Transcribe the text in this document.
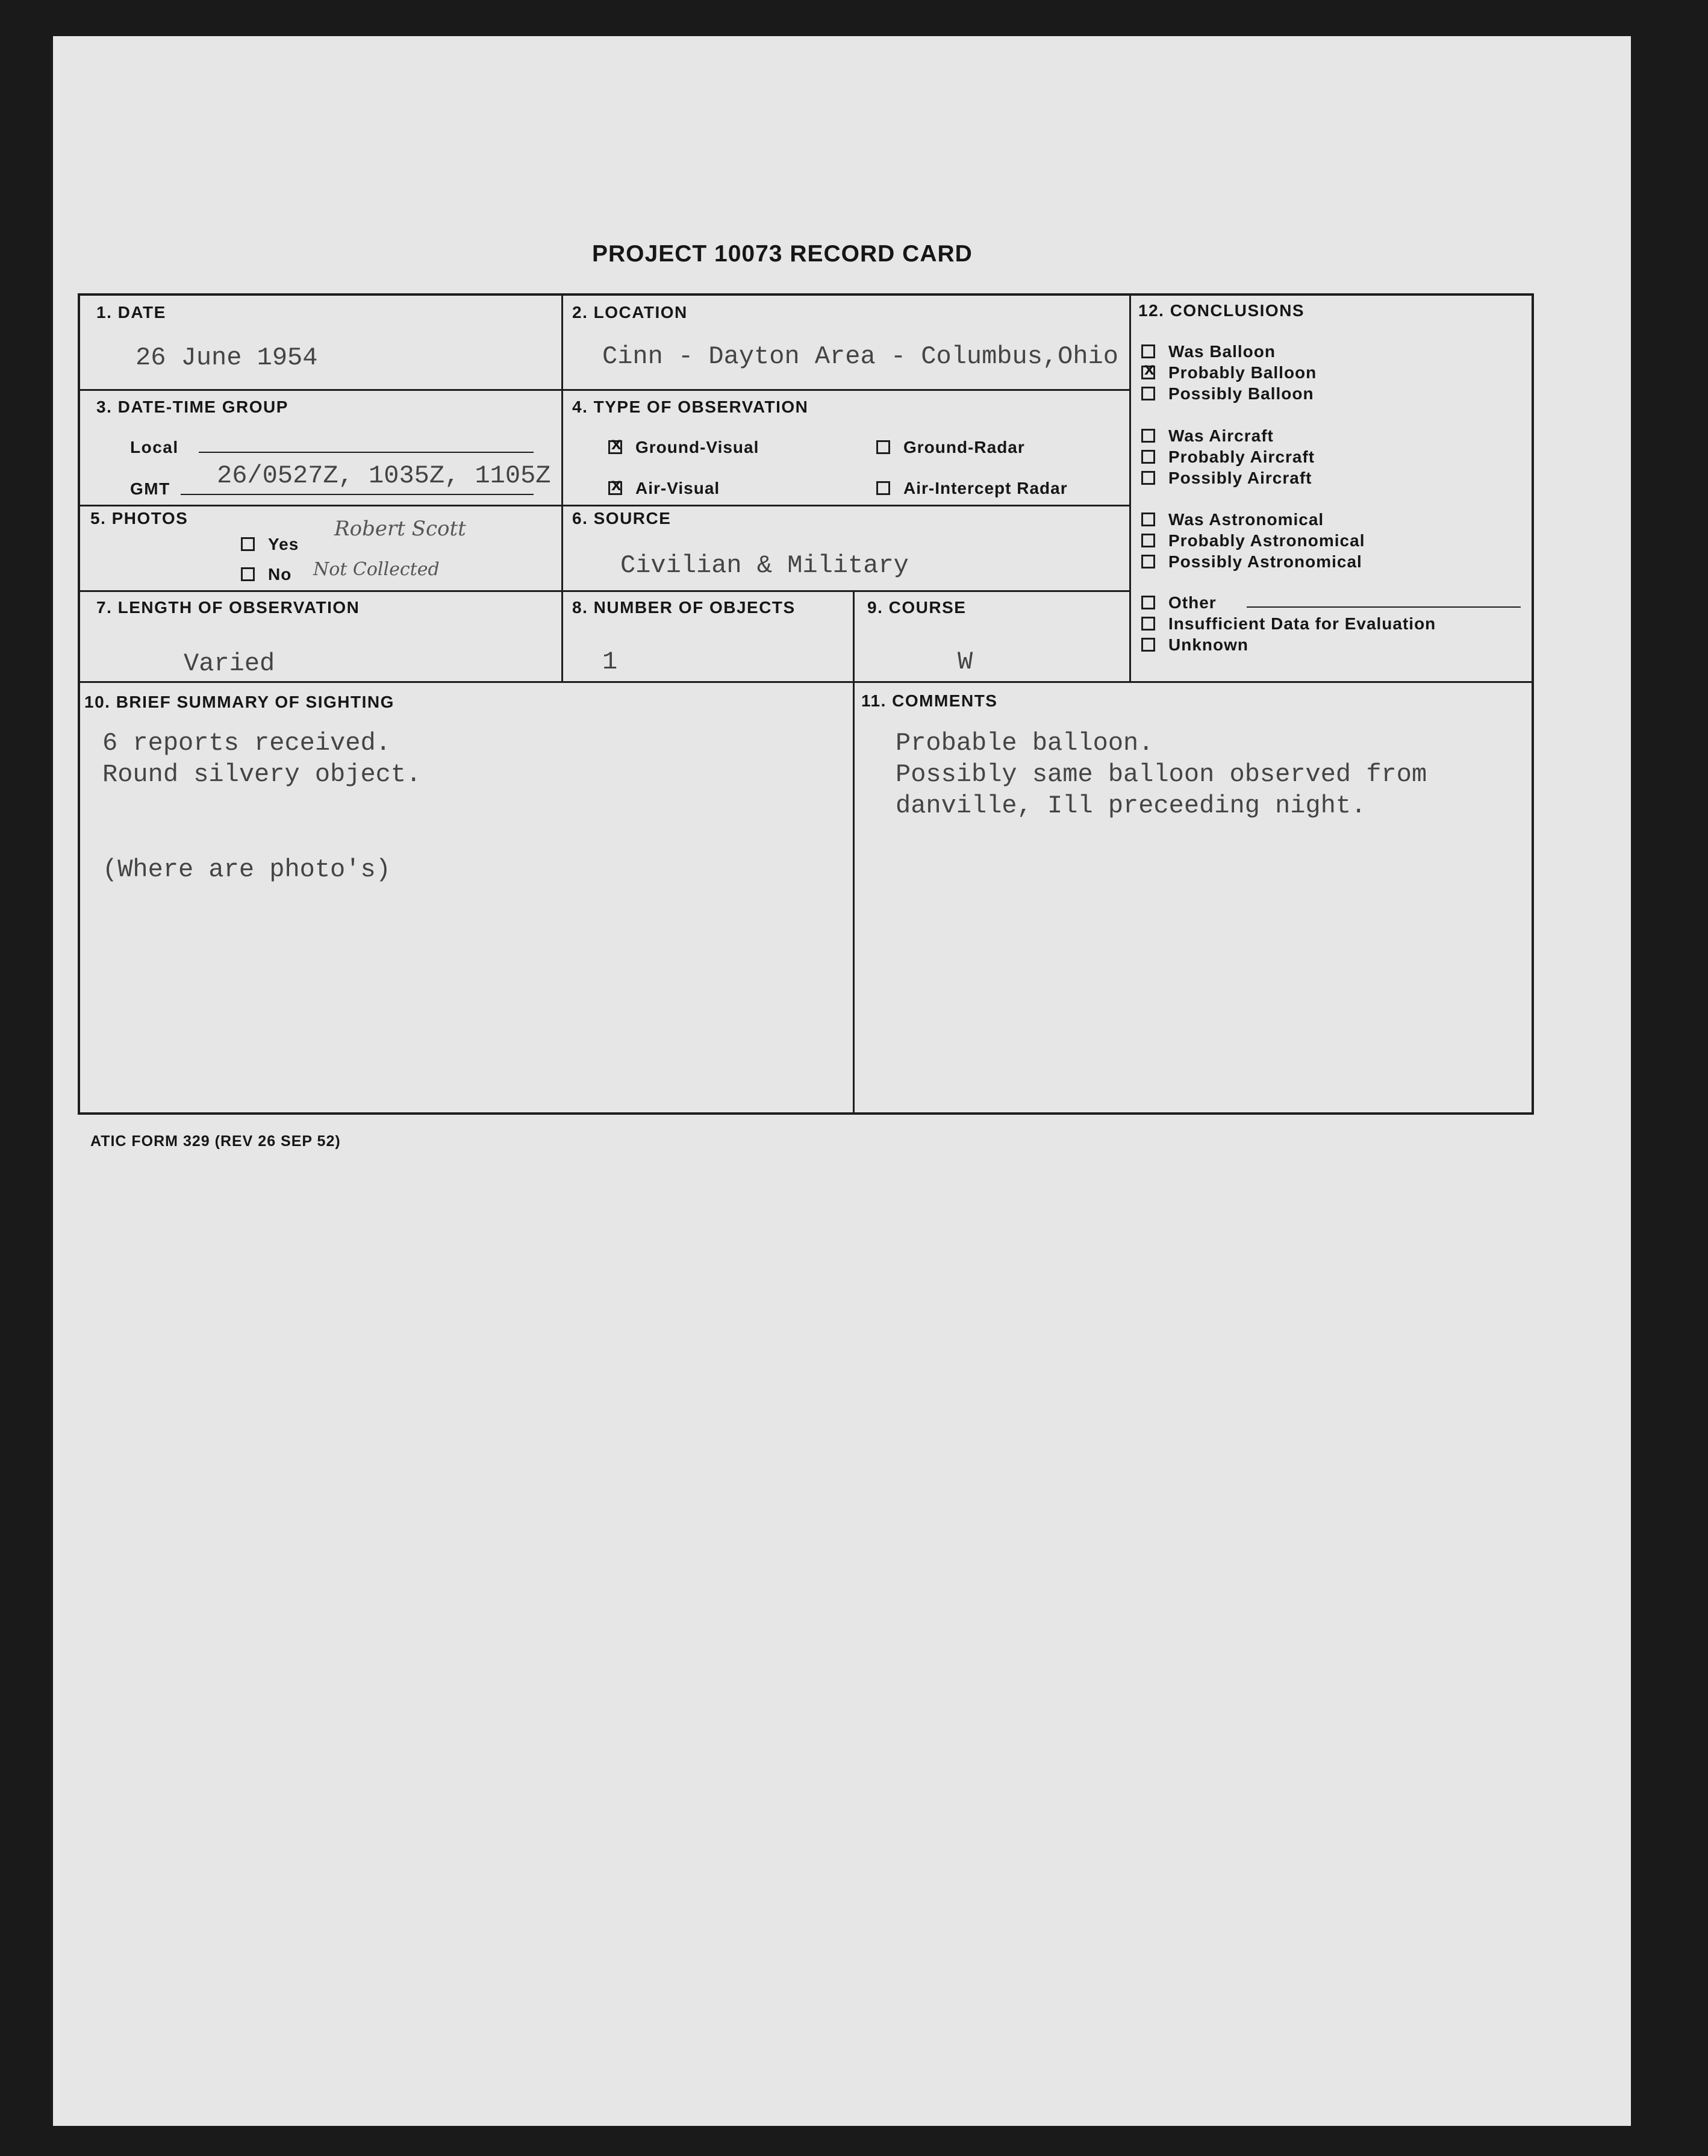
PROJECT 10073 RECORD CARD
1. DATE
26 June 1954
2. LOCATION
Cinn - Dayton Area - Columbus,Ohio
3. DATE-TIME GROUP
Local
GMT 26/0527Z, 1035Z, 1105Z
4. TYPE OF OBSERVATION
xGround-Visual	Ground-Radar
xAir-Visual	Air-Intercept Radar
5. PHOTOS
Yes
Robert Scott
No Not Collected
6. SOURCE
Civilian & Military
7. LENGTH OF OBSERVATION
Varied
8. NUMBER OF OBJECTS
1
9. COURSE
W
10. BRIEF SUMMARY OF SIGHTING
6 reports received.
Round silvery object.
(Where are photo's)
11. COMMENTS
Probable balloon.
Possibly same balloon observed from
danville, Ill preceeding night.
12. CONCLUSIONS
Was Balloon
xProbably Balloon
Possibly Balloon
Was Aircraft
Probably Aircraft
Possibly Aircraft
Was Astronomical
Probably Astronomical
Possibly Astronomical
Other
Insufficient Data for Evaluation
Unknown
ATIC FORM 329 (REV 26 SEP 52)
